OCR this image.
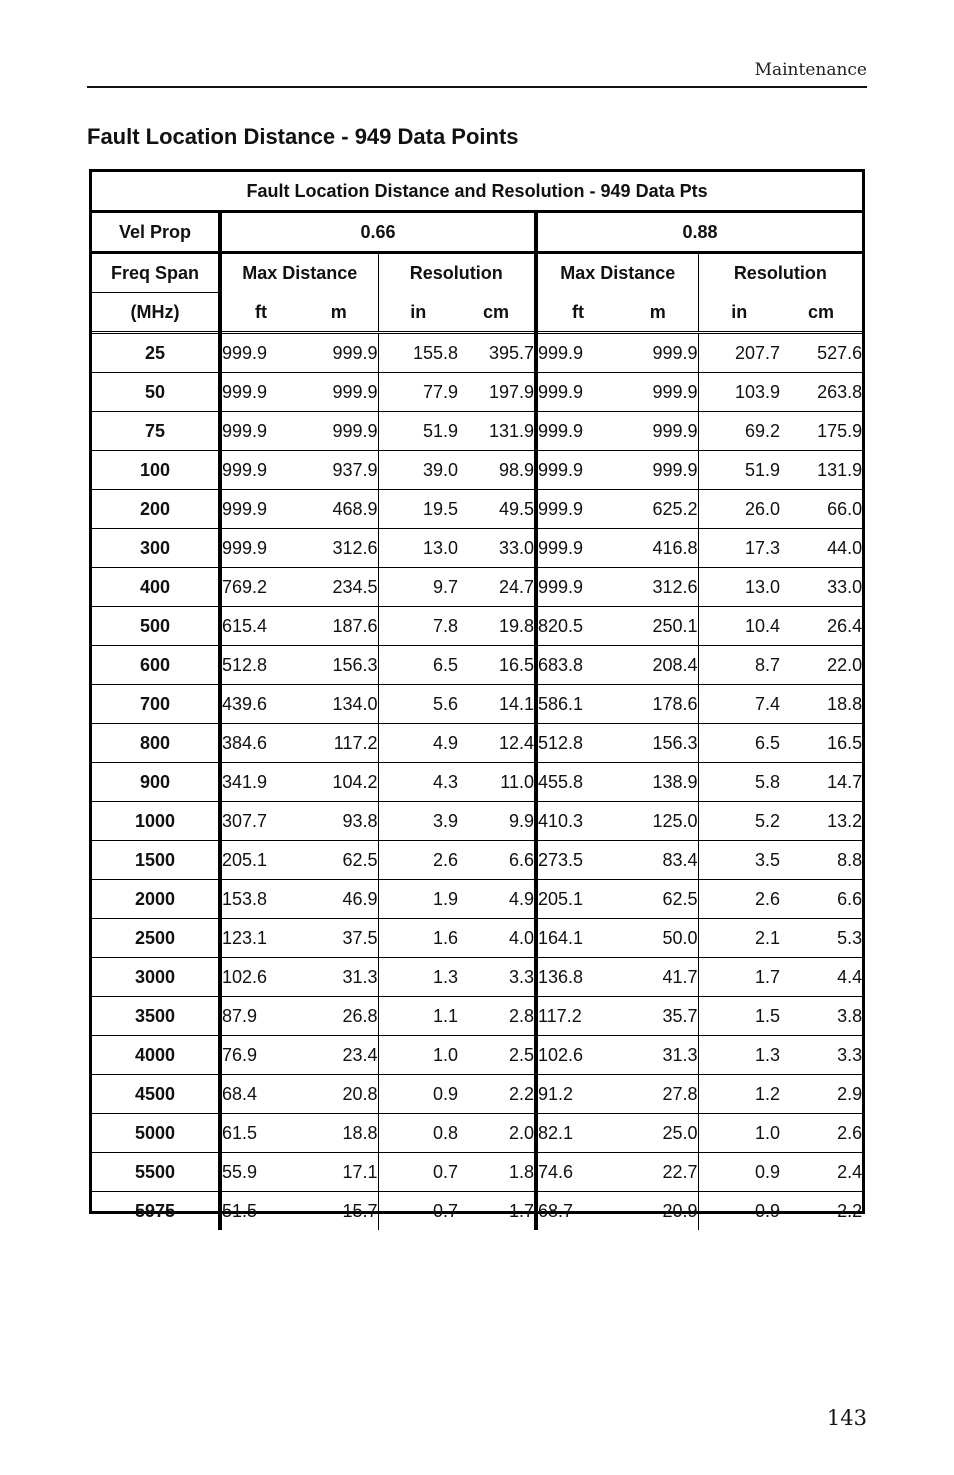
Maintenance
Fault Location Distance - 949 Data Points
Fault Location Distance and Resolution - 949 Data Pts								
Vel Prop	0.66				0.88			
Freq Span	Max Distance		Resolution		Max Distance		Resolution	
(MHz)	ft	m	in	cm	ft	m	in	cm
25	999.9	999.9	155.8	395.7	999.9	999.9	207.7	527.6
50	999.9	999.9	77.9	197.9	999.9	999.9	103.9	263.8
75	999.9	999.9	51.9	131.9	999.9	999.9	69.2	175.9
100	999.9	937.9	39.0	98.9	999.9	999.9	51.9	131.9
200	999.9	468.9	19.5	49.5	999.9	625.2	26.0	66.0
300	999.9	312.6	13.0	33.0	999.9	416.8	17.3	44.0
400	769.2	234.5	9.7	24.7	999.9	312.6	13.0	33.0
500	615.4	187.6	7.8	19.8	820.5	250.1	10.4	26.4
600	512.8	156.3	6.5	16.5	683.8	208.4	8.7	22.0
700	439.6	134.0	5.6	14.1	586.1	178.6	7.4	18.8
800	384.6	117.2	4.9	12.4	512.8	156.3	6.5	16.5
900	341.9	104.2	4.3	11.0	455.8	138.9	5.8	14.7
1000	307.7	93.8	3.9	9.9	410.3	125.0	5.2	13.2
1500	205.1	62.5	2.6	6.6	273.5	83.4	3.5	8.8
2000	153.8	46.9	1.9	4.9	205.1	62.5	2.6	6.6
2500	123.1	37.5	1.6	4.0	164.1	50.0	2.1	5.3
3000	102.6	31.3	1.3	3.3	136.8	41.7	1.7	4.4
3500	87.9	26.8	1.1	2.8	117.2	35.7	1.5	3.8
4000	76.9	23.4	1.0	2.5	102.6	31.3	1.3	3.3
4500	68.4	20.8	0.9	2.2	91.2	27.8	1.2	2.9
5000	61.5	18.8	0.8	2.0	82.1	25.0	1.0	2.6
5500	55.9	17.1	0.7	1.8	74.6	22.7	0.9	2.4
5975	51.5	15.7	0.7	1.7	68.7	20.9	0.9	2.2
143
